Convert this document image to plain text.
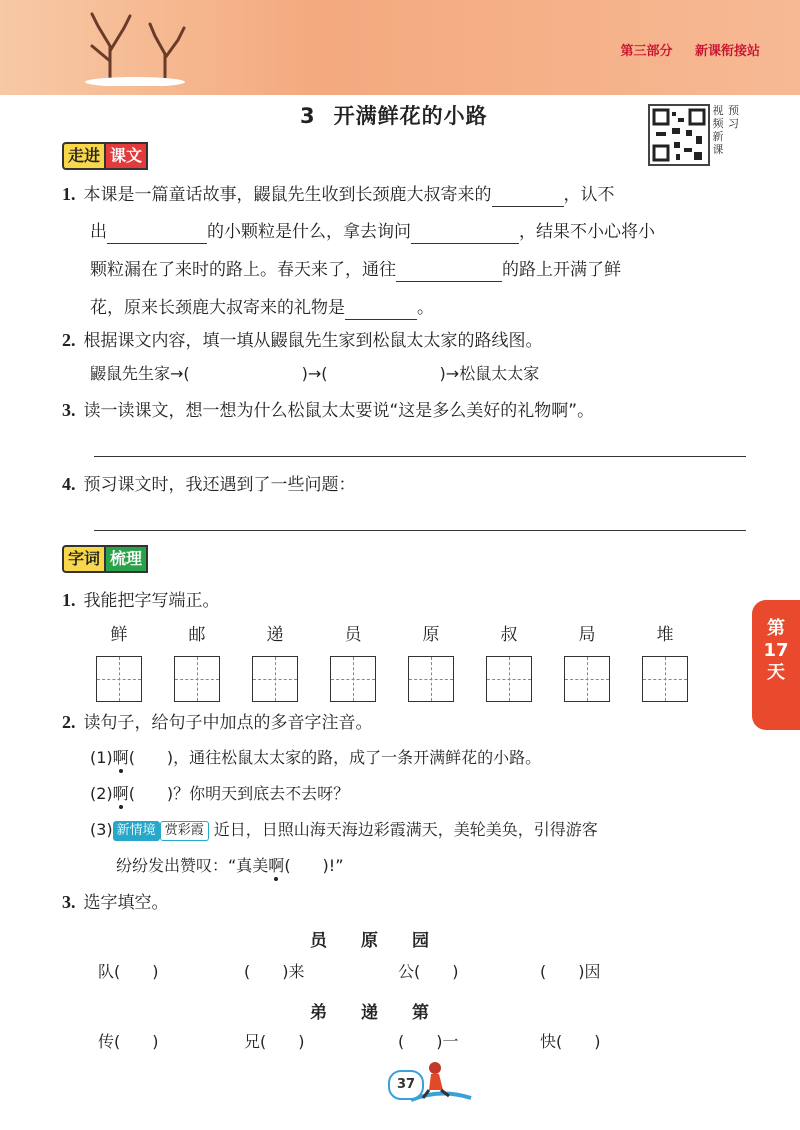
第三部分 新课衔接站
3 开满鲜花的小路	视频 预习 新课
走进 课文
1. 本课是一篇童话故事，鼹鼠先生收到长颈鹿大叔寄来的	，认不
出	的小颗粒是什么，拿去询问	，结果不小心将小
颗粒漏在了来时的路上。春天来了，通往	的路上开满了鲜
花，原来长颈鹿大叔寄来的礼物是	。
2. 根据课文内容，填一填从鼹鼠先生家到松鼠太太家的路线图。
鼹鼠先生家→(　　　　　　　)→(　　　　　　　)→松鼠太太家
3. 读一读课文，想一想为什么松鼠太太要说“这是多么美好的礼物啊”。
4. 预习课文时，我还遇到了一些问题：
字词 梳理
1. 我能把字写端正。
鲜	邮	递	员	原	叔	局	堆	第
17
天
2. 读句子，给句子中加点的多音字注音。
(1)啊(　　)，通往松鼠太太家的路，成了一条开满鲜花的小路。
(2)啊(　　)？你明天到底去不去呀？
(3) 新情境 赏彩霞 近日，日照山海天海边彩霞满天，美轮美奂，引得游客
纷纷发出赞叹：“真美啊(　　)!”
3. 选字填空。
员　　原　　园
队(　　)	(　　)来	公(　　)	(　　)因
弟　　递　　第
传(　　)	兄(　　)	(　　)一	快(　　)
37
